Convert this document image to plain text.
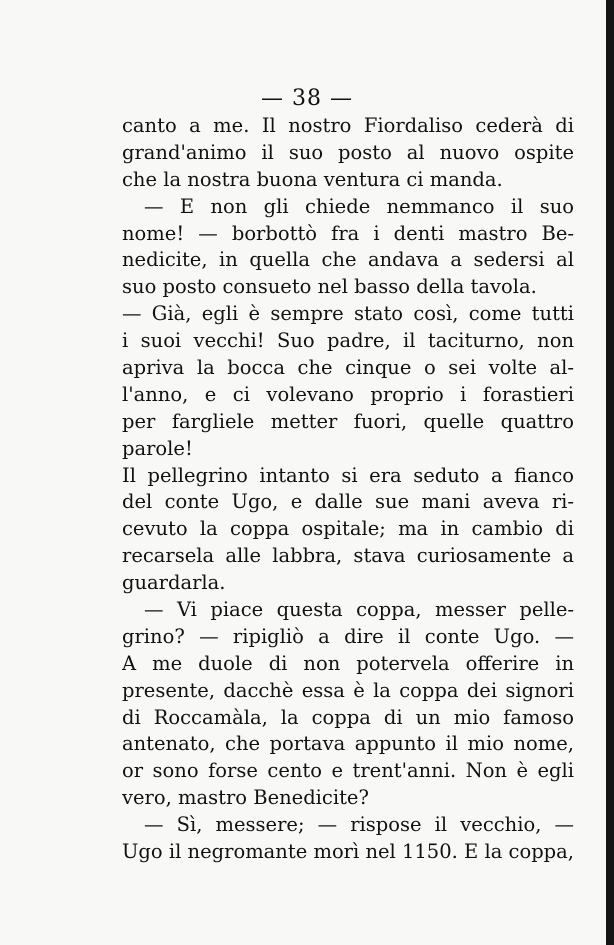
— 38 —
canto a me. Il nostro Fiordaliso cederà di
grand'animo il suo posto al nuovo ospite
che la nostra buona ventura ci manda.
— E non gli chiede nemmanco il suo
nome! — borbottò fra i denti mastro Be-
nedicite, in quella che andava a sedersi al
suo posto consueto nel basso della tavola.
— Già, egli è sempre stato così, come tutti
i suoi vecchi! Suo padre, il taciturno, non
apriva la bocca che cinque o sei volte al-
l'anno, e ci volevano proprio i forastieri
per fargliele metter fuori, quelle quattro
parole!
Il pellegrino intanto si era seduto a fianco
del conte Ugo, e dalle sue mani aveva ri-
cevuto la coppa ospitale; ma in cambio di
recarsela alle labbra, stava curiosamente a
guardarla.
— Vi piace questa coppa, messer pelle-
grino? — ripigliò a dire il conte Ugo. —
A me duole di non potervela offerire in
presente, dacchè essa è la coppa dei signori
di Roccamàla, la coppa di un mio famoso
antenato, che portava appunto il mio nome,
or sono forse cento e trent'anni. Non è egli
vero, mastro Benedicite?
— Sì, messere; — rispose il vecchio, —
Ugo il negromante morì nel 1150. E la coppa,
